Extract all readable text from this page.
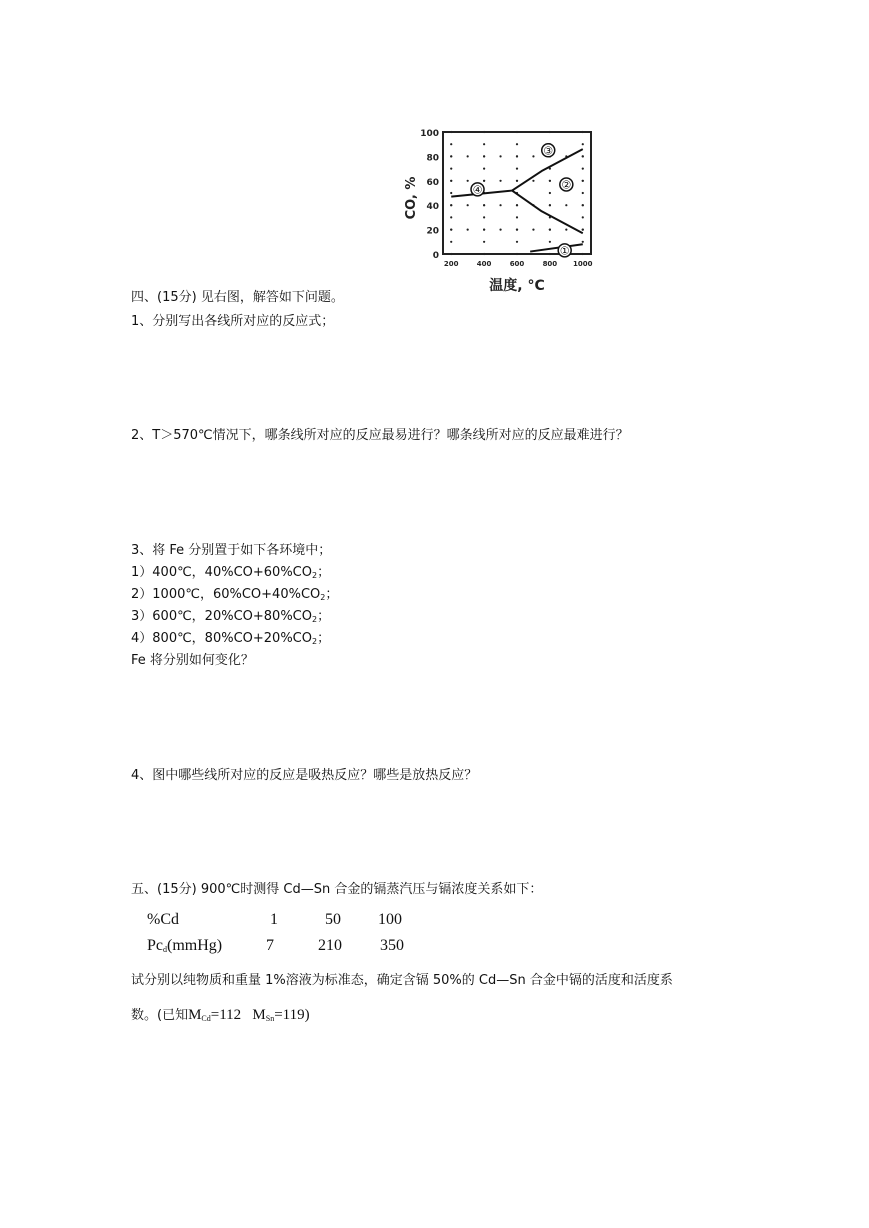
100
80
60
40
20
0
200	400	600	800 1000
①
②
③
④
CO, %
温度, °C
四、(15分) 见右图，解答如下问题。
1、分别写出各线所对应的反应式；
2、T＞570℃情况下，哪条线所对应的反应最易进行？哪条线所对应的反应最难进行？
3、将 Fe 分别置于如下各环境中；
1）400℃，$40\%CO+60\%CO_2$；
2）1000℃，$60\%CO+40\%CO_2$；
3）600℃，$20\%CO+80\%CO_2$；
4）800℃，$80\%CO+20\%CO_2$；
Fe 将分别如何变化？
4、图中哪些线所对应的反应是吸热反应？哪些是放热反应？
五、(15分) 900℃时测得 Cd—Sn 合金的镉蒸汽压与镉浓度关系如下：
%Cd	1	50 100
$Pc_d(mmHg)$	7	210 350
试分别以纯物质和重量 1%溶液为标准态，确定含镉 50%的 Cd—Sn 合金中镉的活度和活度系
数。(已知$M_{Cd}=112$ $M_{Sn}=119$)
